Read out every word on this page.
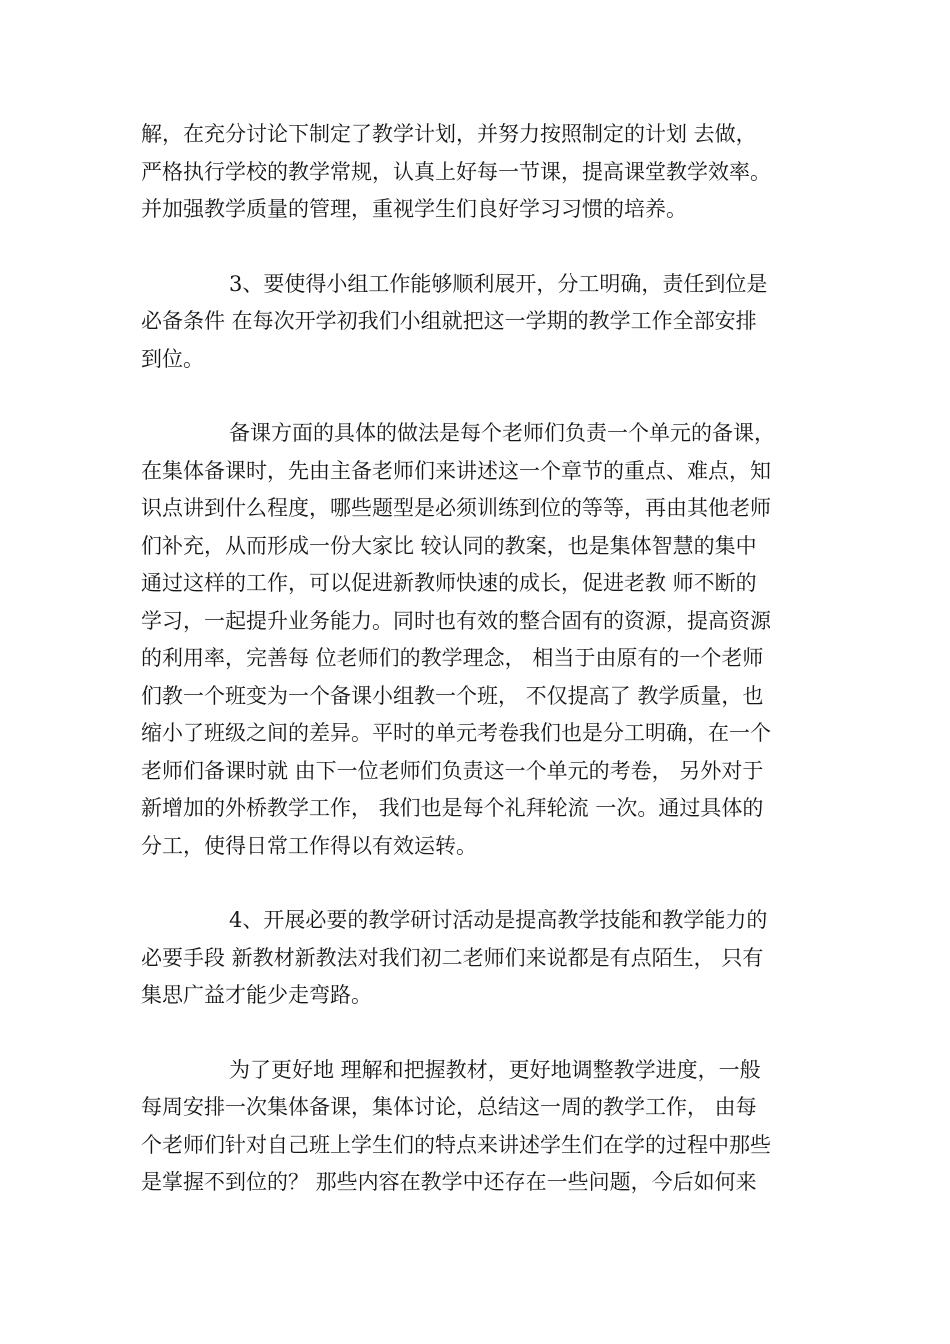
解，在充分讨论下制定了教学计划，并努力按照制定的计划 去做，
严格执行学校的教学常规，认真上好每一节课，提高课堂教学效率。
并加强教学质量的管理，重视学生们良好学习习惯的培养。

3、要使得小组工作能够顺利展开，分工明确，责任到位是
必备条件 在每次开学初我们小组就把这一学期的教学工作全部安排
到位。

备课方面的具体的做法是每个老师们负责一个单元的备课，
在集体备课时，先由主备老师们来讲述这一个章节的重点、难点，知
识点讲到什么程度，哪些题型是必须训练到位的等等，再由其他老师
们补充，从而形成一份大家比 较认同的教案，也是集体智慧的集中
通过这样的工作，可以促进新教师快速的成长，促进老教 师不断的
学习，一起提升业务能力。同时也有效的整合固有的资源，提高资源
的利用率，完善每 位老师们的教学理念， 相当于由原有的一个老师
们教一个班变为一个备课小组教一个班， 不仅提高了 教学质量，也
缩小了班级之间的差异。平时的单元考卷我们也是分工明确，在一个
老师们备课时就 由下一位老师们负责这一个单元的考卷， 另外对于
新增加的外桥教学工作， 我们也是每个礼拜轮流 一次。通过具体的
分工，使得日常工作得以有效运转。

4、开展必要的教学研讨活动是提高教学技能和教学能力的
必要手段 新教材新教法对我们初二老师们来说都是有点陌生， 只有
集思广益才能少走弯路。

为了更好地 理解和把握教材，更好地调整教学进度，一般
每周安排一次集体备课，集体讨论，总结这一周的教学工作， 由每
个老师们针对自己班上学生们的特点来讲述学生们在学的过程中那些
是掌握不到位的？ 那些内容在教学中还存在一些问题，今后如何来
